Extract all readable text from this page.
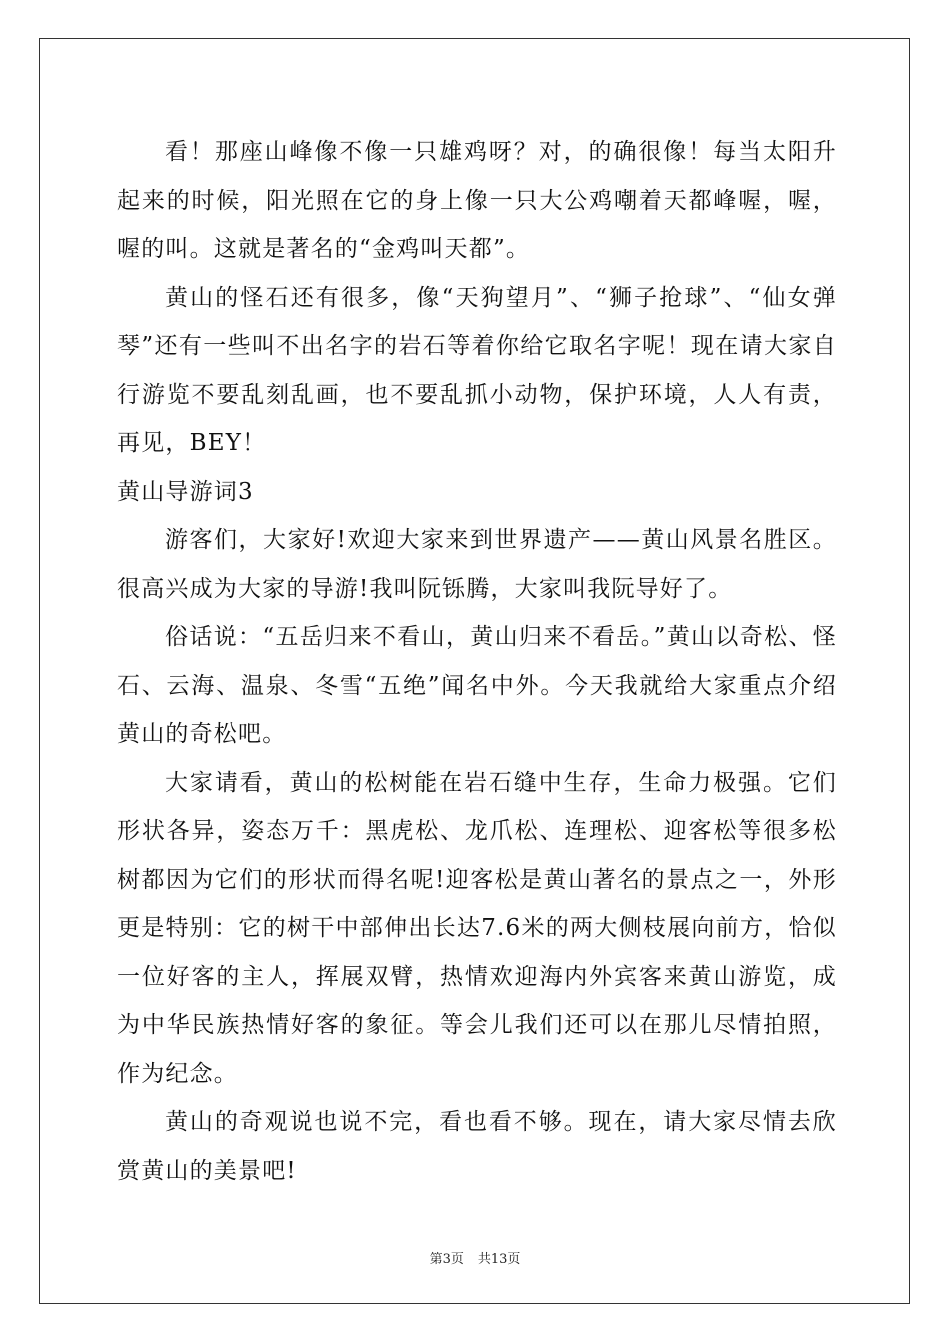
看！那座山峰像不像一只雄鸡呀？对，的确很像！每当太阳升起来的时候，阳光照在它的身上像一只大公鸡嘲着天都峰喔，喔，喔的叫。这就是著名的“金鸡叫天都”。

黄山的怪石还有很多，像“天狗望月”、“狮子抢球”、“仙女弹琴”还有一些叫不出名字的岩石等着你给它取名字呢！现在请大家自行游览不要乱刻乱画，也不要乱抓小动物，保护环境，人人有责，再见，BEY！

黄山导游词3

游客们，大家好!欢迎大家来到世界遗产——黄山风景名胜区。很高兴成为大家的导游!我叫阮铄腾，大家叫我阮导好了。

俗话说：“五岳归来不看山，黄山归来不看岳。”黄山以奇松、怪石、云海、温泉、冬雪“五绝”闻名中外。今天我就给大家重点介绍黄山的奇松吧。

大家请看，黄山的松树能在岩石缝中生存，生命力极强。它们形状各异，姿态万千：黑虎松、龙爪松、连理松、迎客松等很多松树都因为它们的形状而得名呢!迎客松是黄山著名的景点之一，外形更是特别：它的树干中部伸出长达7.6米的两大侧枝展向前方，恰似一位好客的主人，挥展双臂，热情欢迎海内外宾客来黄山游览，成为中华民族热情好客的象征。等会儿我们还可以在那儿尽情拍照，作为纪念。

黄山的奇观说也说不完，看也看不够。现在，请大家尽情去欣赏黄山的美景吧!

第3页 共13页
